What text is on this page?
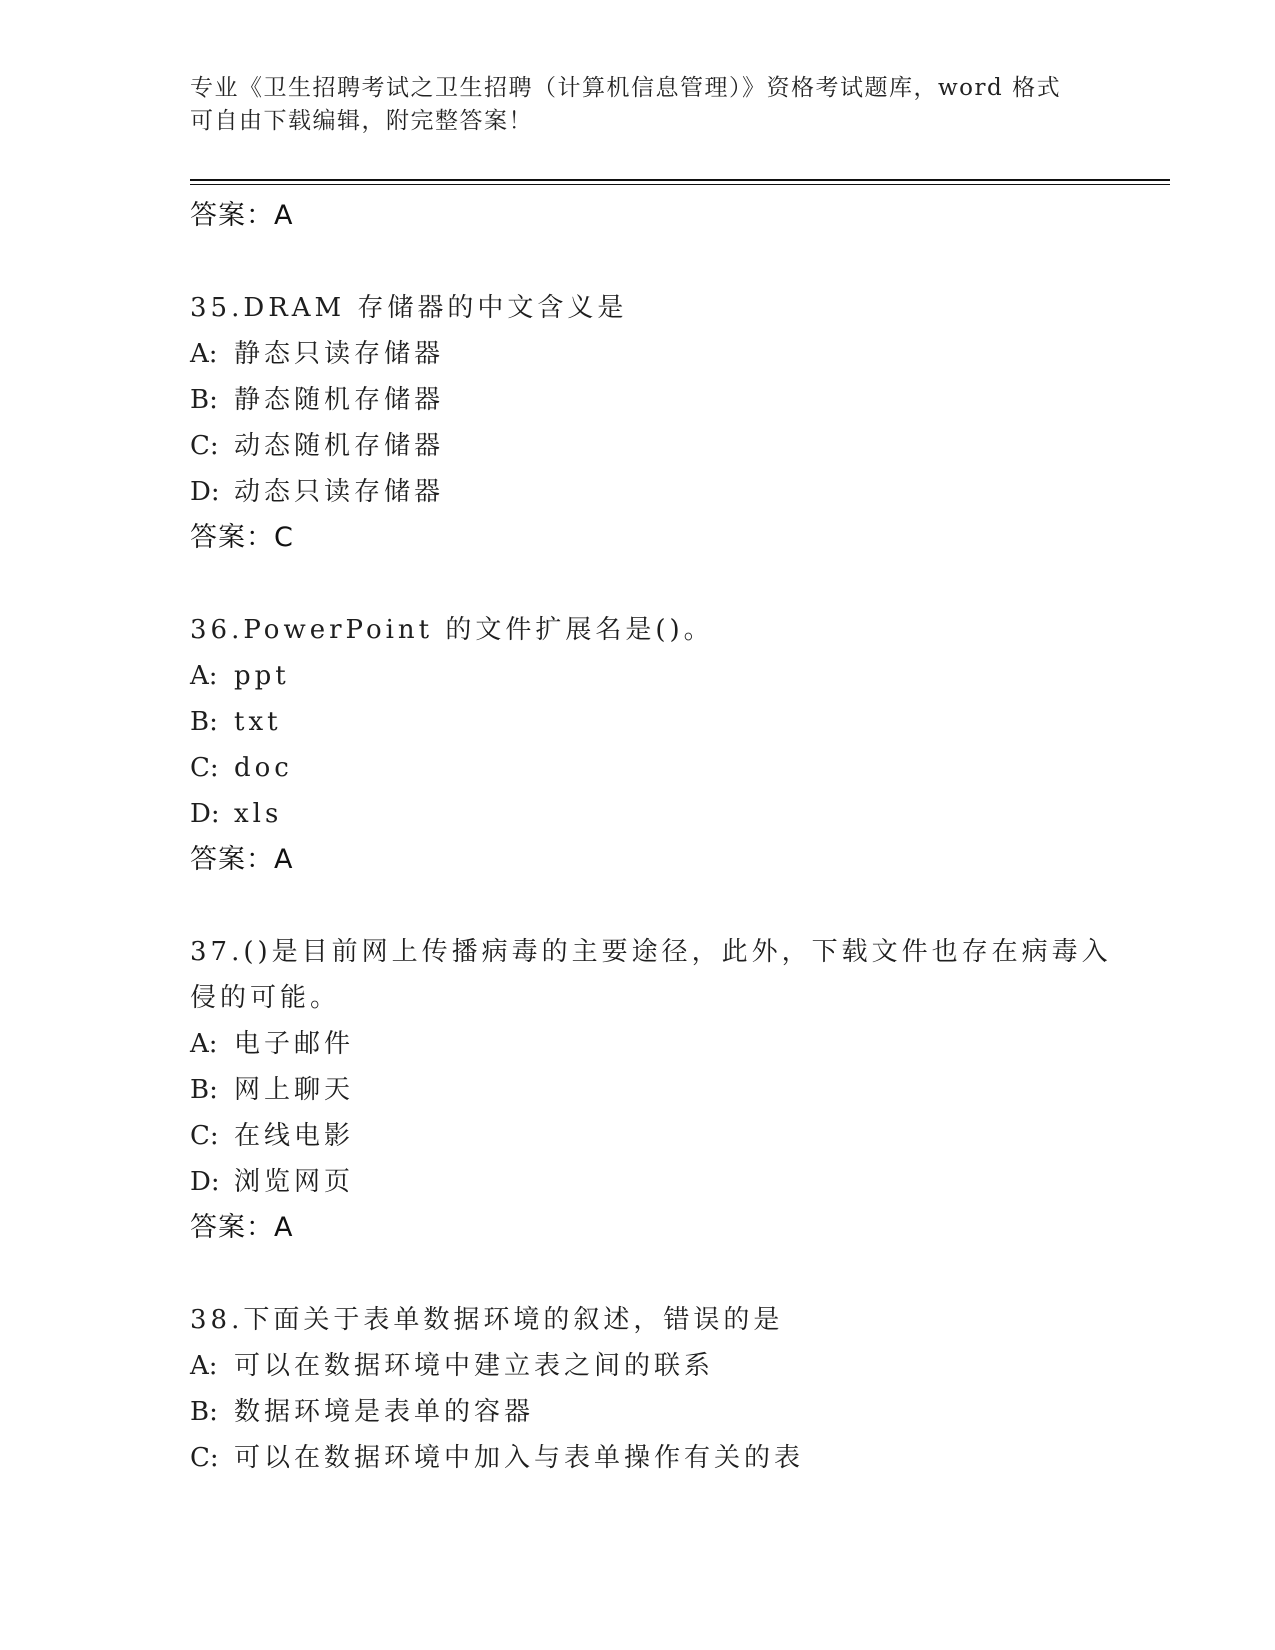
专业《卫生招聘考试之卫生招聘（计算机信息管理）》资格考试题库，word 格式
可自由下载编辑，附完整答案！
答案：A
35.DRAM 存储器的中文含义是
A: 静态只读存储器
B: 静态随机存储器
C: 动态随机存储器
D: 动态只读存储器
答案：C
36.PowerPoint 的文件扩展名是()。
A: ppt
B: txt
C: doc
D: xls
答案：A
37.()是目前网上传播病毒的主要途径，此外，下载文件也存在病毒入
侵的可能。
A: 电子邮件
B: 网上聊天
C: 在线电影
D: 浏览网页
答案：A
38.下面关于表单数据环境的叙述，错误的是
A: 可以在数据环境中建立表之间的联系
B: 数据环境是表单的容器
C: 可以在数据环境中加入与表单操作有关的表
